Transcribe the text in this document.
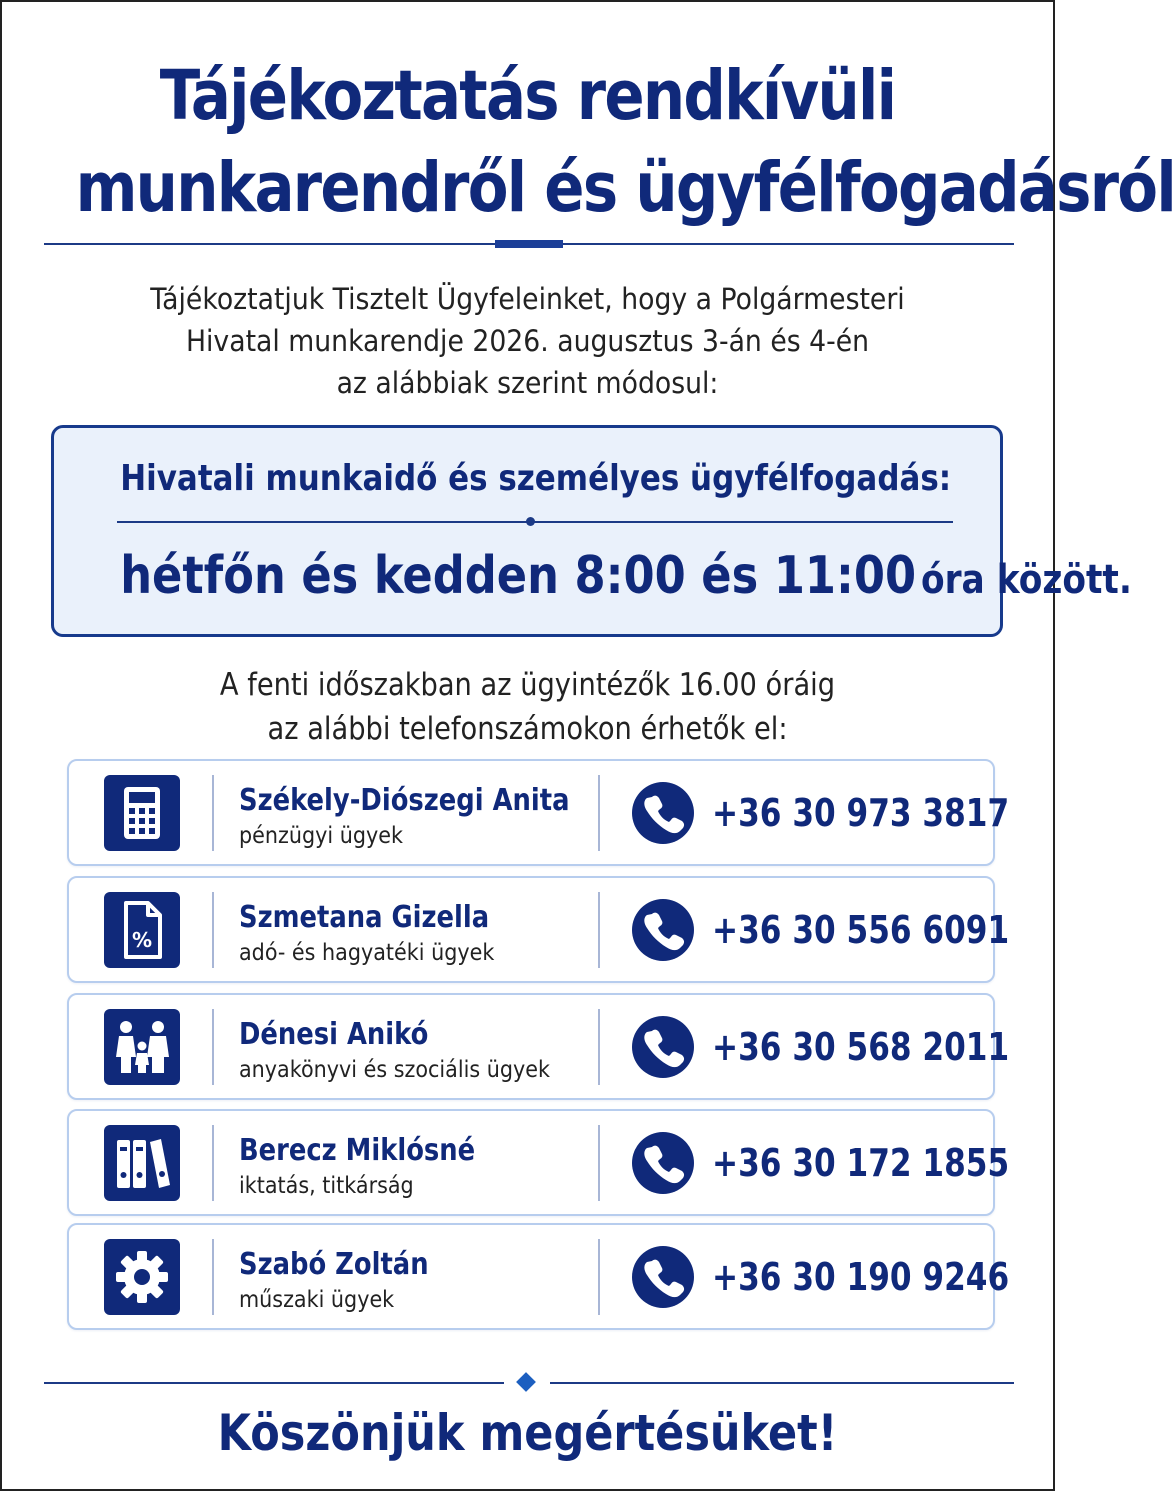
Tájékoztatás rendkívüli
munkarendről és ügyfélfogadásról
Tájékoztatjuk Tisztelt Ügyfeleinket, hogy a Polgármesteri
Hivatal munkarendje 2026. augusztus 3-án és 4-én
az alábbiak szerint módosul:
Hivatali munkaidő és személyes ügyfélfogadás:
hétfőn és kedden 8:00 és 11:00 óra között.
A fenti időszakban az ügyintézők 16.00 óráig
az alábbi telefonszámokon érhetők el:
Székely-Diószegi Anita
pénzügyi ügyek
+36 30 973 3817
%
Szmetana Gizella
adó- és hagyatéki ügyek
+36 30 556 6091
Dénesi Anikó
anyakönyvi és szociális ügyek
+36 30 568 2011
Berecz Miklósné
iktatás, titkárság
+36 30 172 1855
Szabó Zoltán
műszaki ügyek
+36 30 190 9246
Köszönjük megértésüket!
